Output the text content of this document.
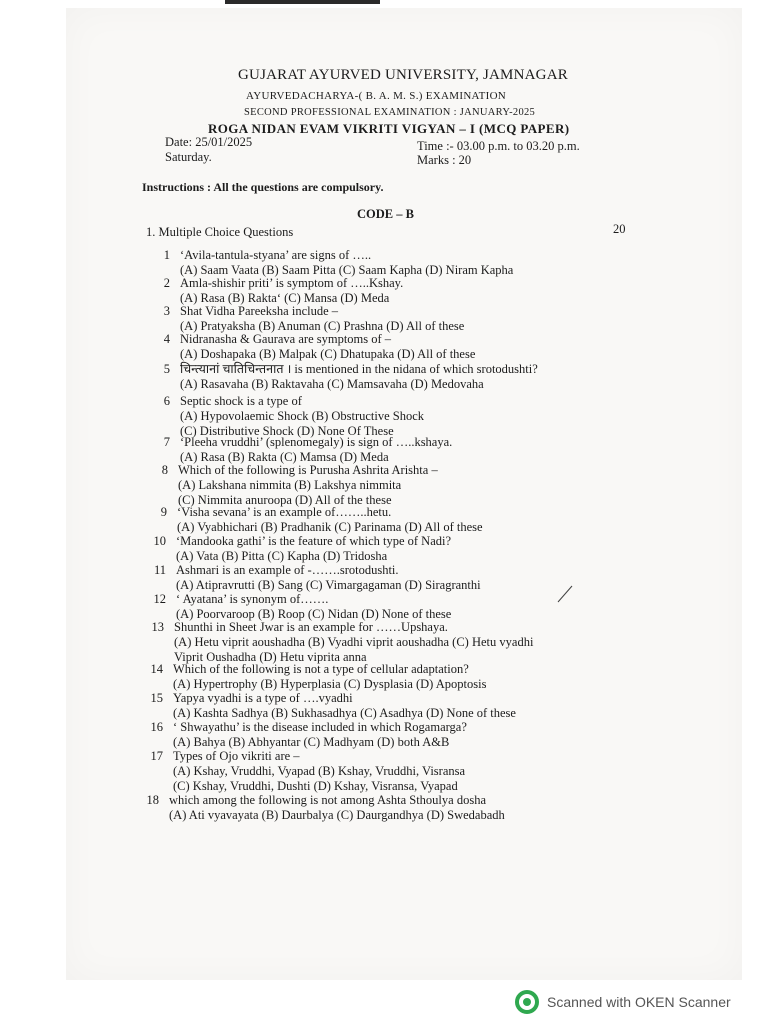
GUJARAT AYURVED UNIVERSITY, JAMNAGAR
AYURVEDACHARYA-( B. A. M. S.) EXAMINATION
SECOND PROFESSIONAL EXAMINATION : JANUARY-2025
ROGA NIDAN EVAM VIKRITI VIGYAN – I (MCQ PAPER)
Date: 25/01/2025
Saturday.
Time :- 03.00 p.m. to 03.20 p.m.
Marks : 20
Instructions : All the questions are compulsory.
CODE – B
1. Multiple Choice Questions	20
1 ‘Avila-tantula-styana’ are signs of …..
(A) Saam Vaata (B) Saam Pitta (C) Saam Kapha (D) Niram Kapha
2 Amla-shishir priti’ is symptom of …..Kshay.
(A) Rasa (B) Rakta‘ (C) Mansa (D) Meda
3 Shat Vidha Pareeksha include –
(A) Pratyaksha (B) Anuman (C) Prashna (D) All of these
4 Nidranasha & Gaurava are symptoms of –
(A) Doshapaka (B) Malpak (C) Dhatupaka (D) All of these
5 चिन्त्यानां चातिचिन्तनात । is mentioned in the nidana of which srotodushti?
(A) Rasavaha (B) Raktavaha (C) Mamsavaha (D) Medovaha
6 Septic shock is a type of
(A) Hypovolaemic Shock (B) Obstructive Shock
(C) Distributive Shock (D) None Of These
7 ‘Pleeha vruddhi’ (splenomegaly) is sign of …..kshaya.
(A) Rasa (B) Rakta (C) Mamsa (D) Meda
8 Which of the following is Purusha Ashrita Arishta –
(A) Lakshana nimmita (B) Lakshya nimmita
(C) Nimmita anuroopa (D) All of the these
9 ‘Visha sevana’ is an example of……..hetu.
(A) Vyabhichari (B) Pradhanik (C) Parinama (D) All of these
10 ‘Mandooka gathi’ is the feature of which type of Nadi?
(A) Vata (B) Pitta (C) Kapha (D) Tridosha
11 Ashmari is an example of -…….srotodushti.
(A) Atipravrutti (B) Sang (C) Vimargagaman (D) Siragranthi
12 ‘ Ayatana’ is synonym of…….
(A) Poorvaroop (B) Roop (C) Nidan (D) None of these
13 Shunthi in Sheet Jwar is an example for ……Upshaya.
(A) Hetu viprit aoushadha (B) Vyadhi viprit aoushadha (C) Hetu vyadhi
Viprit Oushadha (D) Hetu viprita anna
14 Which of the following is not a type of cellular adaptation?
(A) Hypertrophy (B) Hyperplasia (C) Dysplasia (D) Apoptosis
15 Yapya vyadhi is a type of ….vyadhi
(A) Kashta Sadhya (B) Sukhasadhya (C) Asadhya (D) None of these
16 ‘ Shwayathu’ is the disease included in which Rogamarga?
(A) Bahya (B) Abhyantar (C) Madhyam (D) both A&B
17 Types of Ojo vikriti are –
(A) Kshay, Vruddhi, Vyapad (B) Kshay, Vruddhi, Visransa
(C) Kshay, Vruddhi, Dushti (D) Kshay, Visransa, Vyapad
18 which among the following is not among Ashta Sthoulya dosha
(A) Ati vyavayata (B) Daurbalya (C) Daurgandhya (D) Swedabadh
Scanned with OKEN Scanner
